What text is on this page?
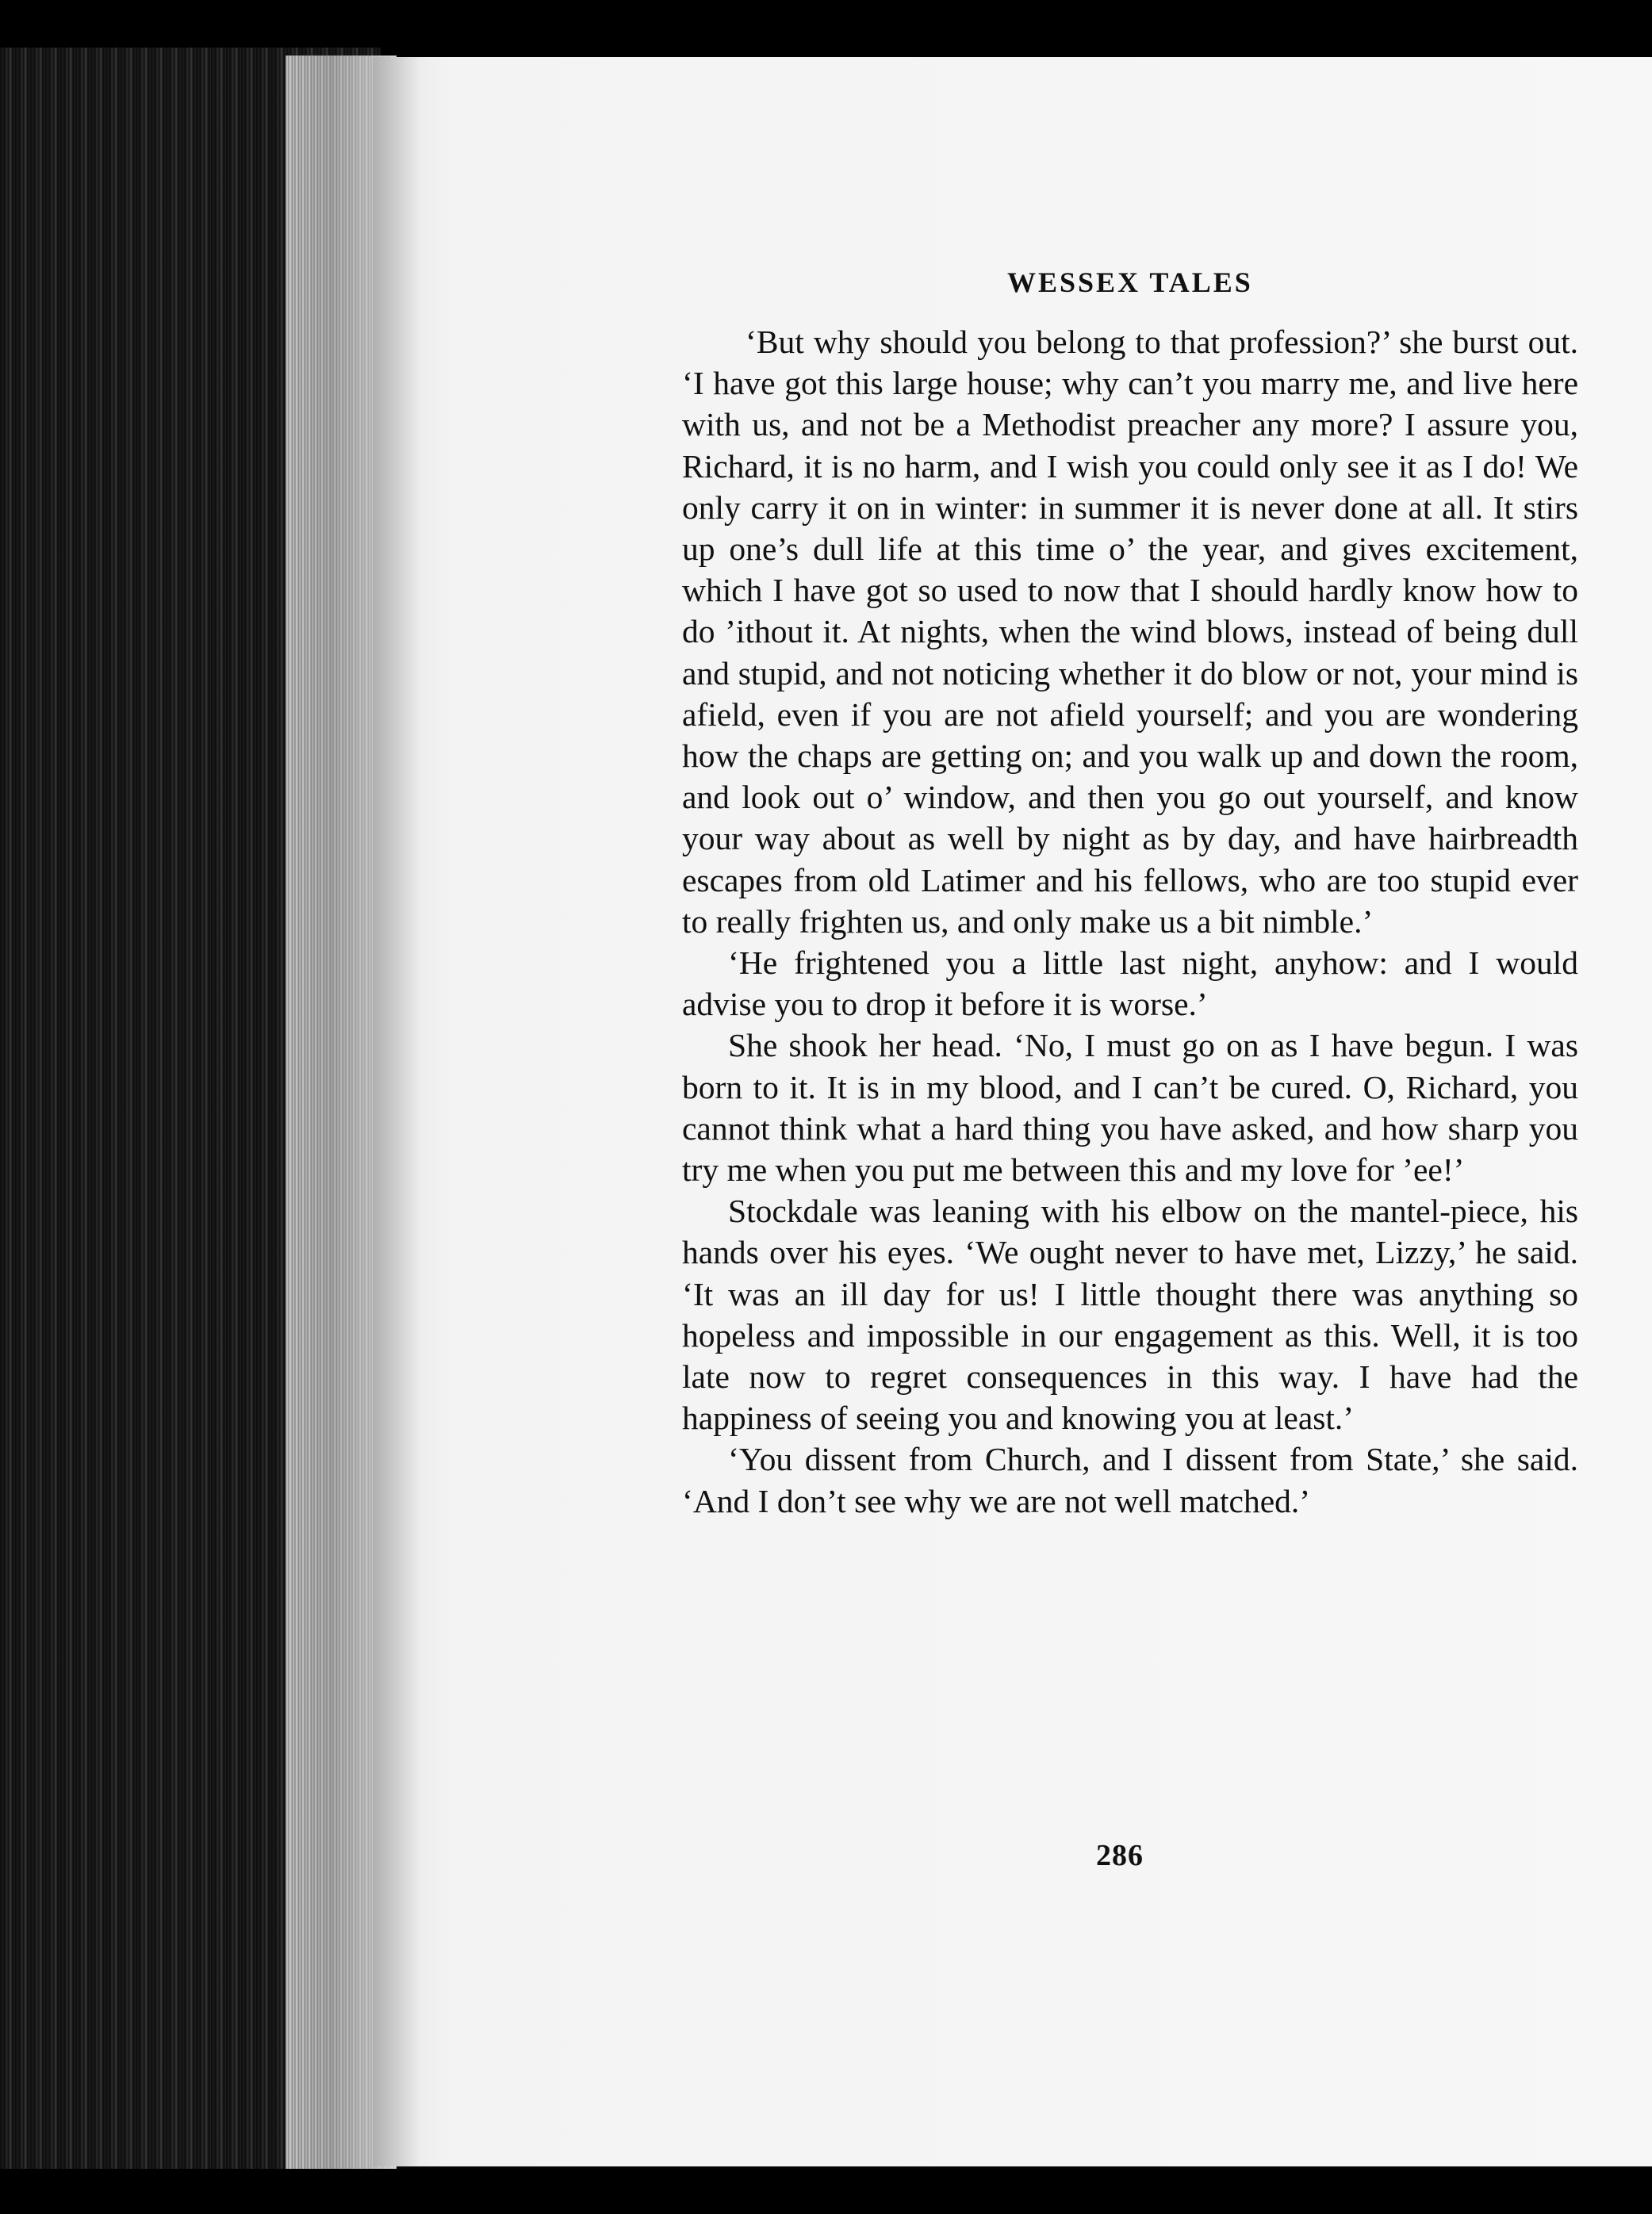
WESSEX TALES

‘But why should you belong to that profession?’ she burst out. ‘I have got this large house; why can’t you marry me, and live here with us, and not be a Methodist preacher any more? I assure you, Richard, it is no harm, and I wish you could only see it as I do! We only carry it on in winter: in summer it is never done at all. It stirs up one’s dull life at this time o’ the year, and gives excitement, which I have got so used to now that I should hardly know how to do ’ithout it. At nights, when the wind blows, instead of being dull and stupid, and not noticing whether it do blow or not, your mind is afield, even if you are not afield yourself; and you are wondering how the chaps are getting on; and you walk up and down the room, and look out o’ window, and then you go out yourself, and know your way about as well by night as by day, and have hairbreadth escapes from old Latimer and his fellows, who are too stupid ever to really frighten us, and only make us a bit nimble.’

‘He frightened you a little last night, anyhow: and I would advise you to drop it before it is worse.’

She shook her head. ‘No, I must go on as I have begun. I was born to it. It is in my blood, and I can’t be cured. O, Richard, you cannot think what a hard thing you have asked, and how sharp you try me when you put me between this and my love for ’ee!’

Stockdale was leaning with his elbow on the mantel-piece, his hands over his eyes. ‘We ought never to have met, Lizzy,’ he said. ‘It was an ill day for us! I little thought there was anything so hopeless and impossible in our engagement as this. Well, it is too late now to regret consequences in this way. I have had the happiness of seeing you and knowing you at least.’

‘You dissent from Church, and I dissent from State,’ she said. ‘And I don’t see why we are not well matched.’

286
